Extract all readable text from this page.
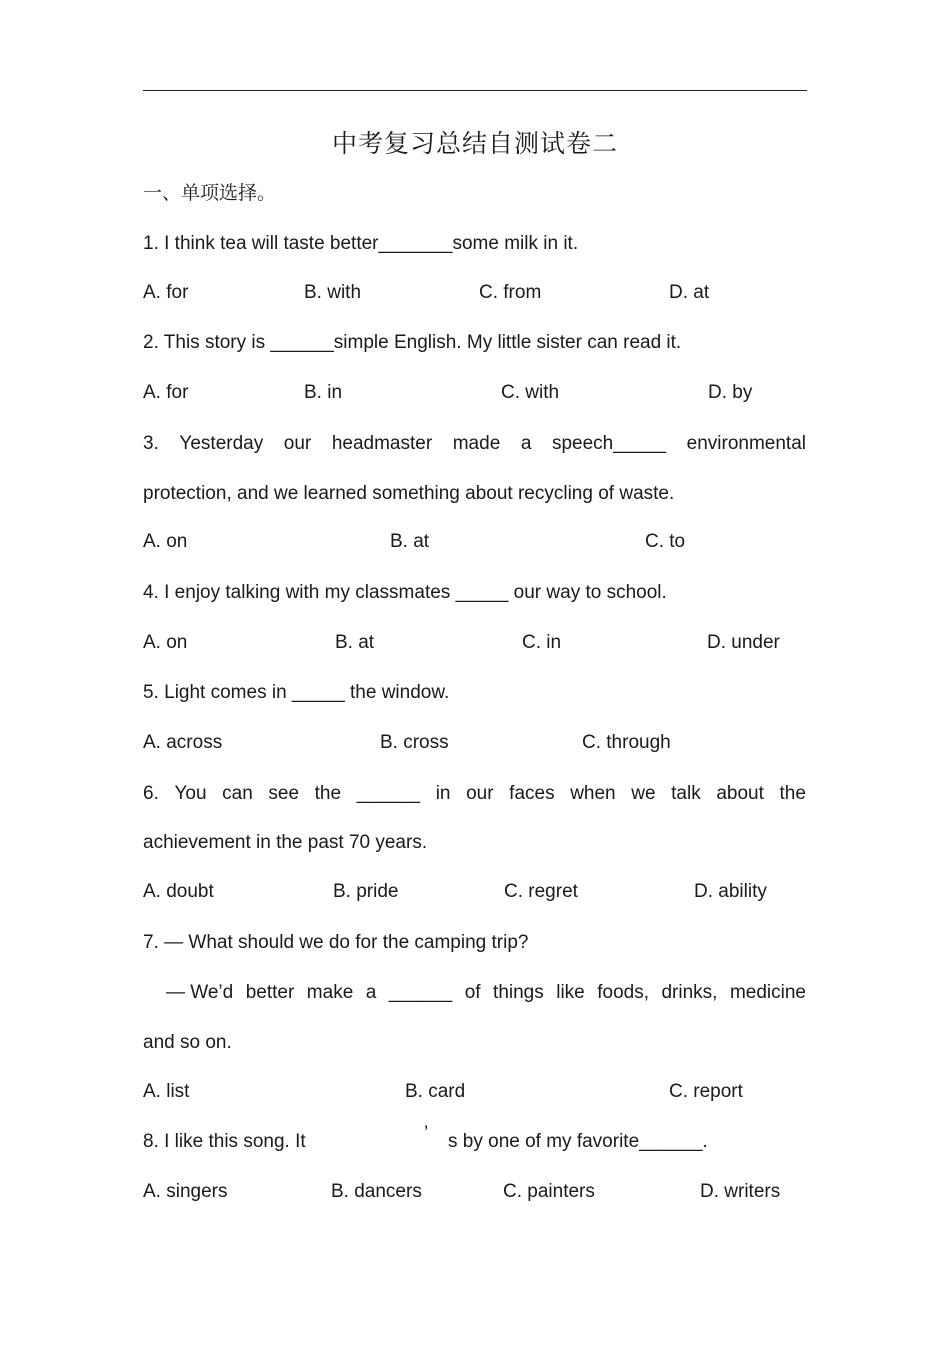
中考复习总结自测试卷二
一、单项选择。
1. I think tea will taste better_______some milk in it.
A. for	B. with	C. from	D. at
2. This story is ______simple English. My little sister can read it.
A. for	B. in	C. with	D. by
3. Yesterday our headmaster made a speech_____ environmental
protection, and we learned something about recycling of waste.
A. on	B. at	C. to
4. I enjoy talking with my classmates _____ our way to school.
A. on	B. at	C. in	D. under
5. Light comes in _____ the window.
A. across	B. cross	C. through
6. You can see the ______ in our faces when we talk about the
achievement in the past 70 years.
A. doubt	B. pride	C. regret	D. ability
7. — What should we do for the camping trip?
— We’d better make a ______ of things like foods, drinks, medicine
and so on.
A. list	B. card	C. report
8. I like this song. It	’ s by one of my favorite______.
A. singers	B. dancers	C. painters	D. writers
